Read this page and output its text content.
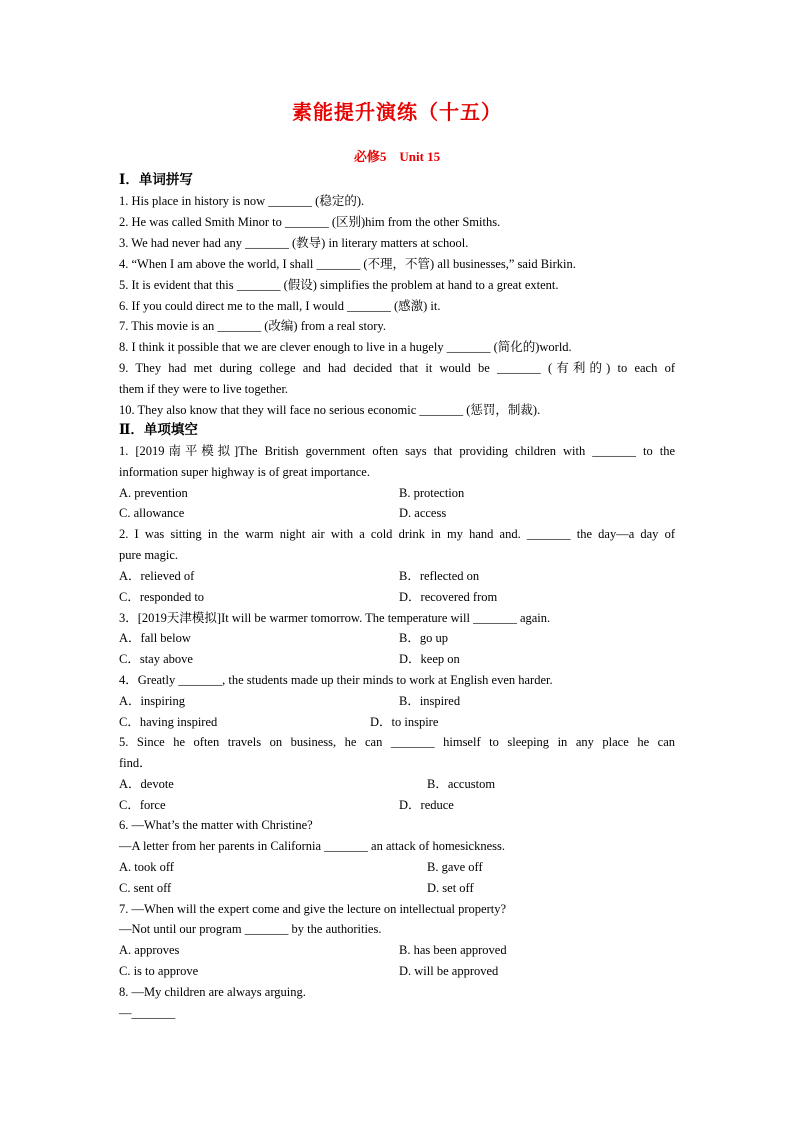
素能提升演练（十五）
必修5　Unit 15
Ⅰ．单词拼写
1. His place in history is now _______ (稳定的).
2. He was called Smith Minor to _______ (区别)him from the other Smiths.
3. We had never had any _______ (教导) in literary matters at school.
4. “When I am above the world, I shall _______ (不理，不管) all businesses,” said Birkin.
5. It is evident that this _______ (假设) simplifies the problem at hand to a great extent.
6. If you could direct me to the mall, I would _______ (感激) it.
7. This movie is an _______ (改编) from a real story.
8. I think it possible that we are clever enough to live in a hugely _______ (简化的)world.
9. They had met during college and had decided that it would be _______ (有利的) to each of
them if they were to live together.
10. They also know that they will face no serious economic _______ (惩罚，制裁).
Ⅱ．单项填空
1. [2019南平模拟]The British government often says that providing children with _______ to the
information super highway is of great importance.
A. prevention	B. protection
C. allowance	D. access
2. I was sitting in the warm night air with a cold drink in my hand and. _______ the day—a day of
pure magic.
A．relieved of	B．reflected on
C．responded to	D．recovered from
3．[2019天津模拟]It will be warmer tomorrow. The temperature will _______ again.
A．fall below	B．go up
C．stay above	D．keep on
4．Greatly _______, the students made up their minds to work at English even harder.
A．inspiring	B．inspired
C．having inspired	D．to inspire
5. Since he often travels on business, he can _______ himself to sleeping in any place he can
find．
A．devote	B．accustom
C．force	D．reduce
6. —What’s the matter with Christine?
—A letter from her parents in California _______ an attack of homesickness.
A. took off	B. gave off
C. sent off	D. set off
7. —When will the expert come and give the lecture on intellectual property?
—Not until our program _______ by the authorities.
A. approves	B. has been approved
C. is to approve	D. will be approved
8. —My children are always arguing.
—_______
